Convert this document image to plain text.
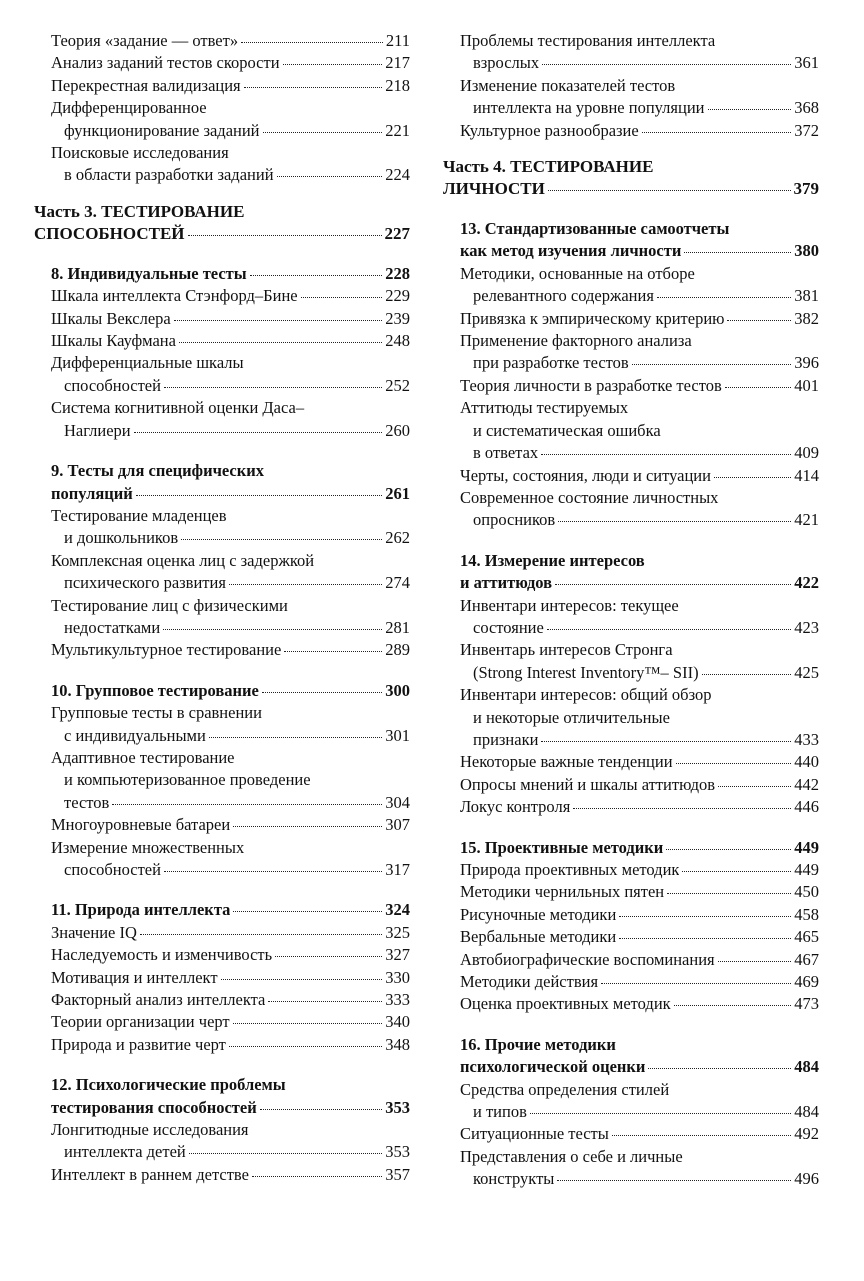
Теория «задание — ответ»	211
Анализ заданий тестов скорости	217
Перекрестная валидизация	218
Дифференцированное
функционирование заданий	221
Поисковые исследования
в области разработки заданий	224
Часть 3. ТЕСТИРОВАНИЕ
СПОСОБНОСТЕЙ	227
8. Индивидуальные тесты	228
Шкала интеллекта Стэнфорд–Бине	229
Шкалы Векслера	239
Шкалы Кауфмана	248
Дифференциальные шкалы
способностей	252
Система когнитивной оценки Даса–
Наглиери	260
9. Тесты для специфических
популяций	261
Тестирование младенцев
и дошкольников	262
Комплексная оценка лиц с задержкой
психического развития	274
Тестирование лиц с физическими
недостатками	281
Мультикультурное тестирование	289
10. Групповое тестирование	300
Групповые тесты в сравнении
с индивидуальными	301
Адаптивное тестирование
и компьютеризованное проведение
тестов	304
Многоуровневые батареи	307
Измерение множественных
способностей	317
11. Природа интеллекта	324
Значение IQ	325
Наследуемость и изменчивость	327
Мотивация и интеллект	330
Факторный анализ интеллекта	333
Теории организации черт	340
Природа и развитие черт	348
12. Психологические проблемы
тестирования способностей	353
Лонгитюдные исследования
интеллекта детей	353
Интеллект в раннем детстве	357
Проблемы тестирования интеллекта
взрослых	361
Изменение показателей тестов
интеллекта на уровне популяции	368
Культурное разнообразие	372
Часть 4. ТЕСТИРОВАНИЕ
ЛИЧНОСТИ	379
13. Стандартизованные самоотчеты
как метод изучения личности	380
Методики, основанные на отборе
релевантного содержания	381
Привязка к эмпирическому критерию	382
Применение факторного анализа
при разработке тестов	396
Теория личности в разработке тестов	401
Аттитюды тестируемых
и систематическая ошибка
в ответах	409
Черты, состояния, люди и ситуации	414
Современное состояние личностных
опросников	421
14. Измерение интересов
и аттитюдов	422
Инвентари интересов: текущее
состояние	423
Инвентарь интересов Стронга
(Strong Interest Inventory™– SII)	425
Инвентари интересов: общий обзор
и некоторые отличительные
признаки	433
Некоторые важные тенденции	440
Опросы мнений и шкалы аттитюдов	442
Локус контроля	446
15. Проективные методики	449
Природа проективных методик	449
Методики чернильных пятен	450
Рисуночные методики	458
Вербальные методики	465
Автобиографические воспоминания	467
Методики действия	469
Оценка проективных методик	473
16. Прочие методики
психологической оценки	484
Средства определения стилей
и типов	484
Ситуационные тесты	492
Представления о себе и личные
конструкты	496
